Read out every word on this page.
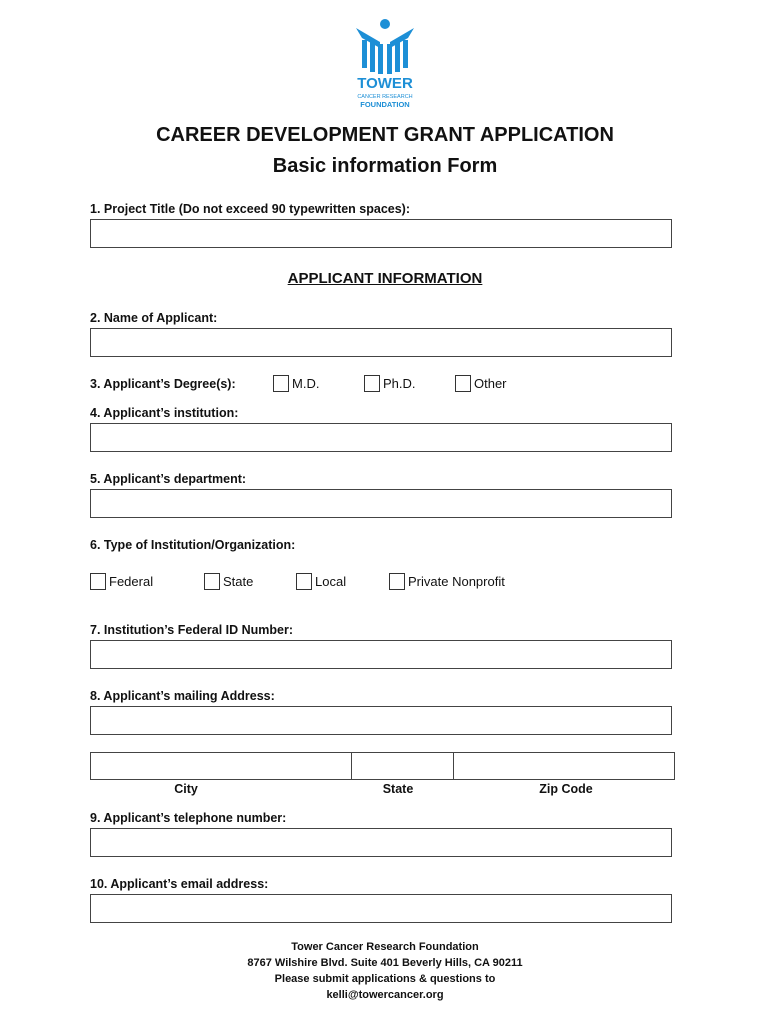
TOWER
CANCER RESEARCH
FOUNDATION
CAREER DEVELOPMENT GRANT APPLICATION
Basic information Form
1. Project Title (Do not exceed 90 typewritten spaces):
APPLICANT INFORMATION
2. Name of Applicant:
3. Applicant’s Degree(s):	M.D.	Ph.D.	Other
4. Applicant’s institution:
5. Applicant’s department:
6. Type of Institution/Organization:
Federal	State	Local	Private Nonprofit
7. Institution’s Federal ID Number:
8. Applicant’s mailing Address:
City	State	Zip Code
9. Applicant’s telephone number:
10. Applicant’s email address:
Tower Cancer Research Foundation
8767 Wilshire Blvd. Suite 401 Beverly Hills, CA 90211
Please submit applications & questions to
kelli@towercancer.org
